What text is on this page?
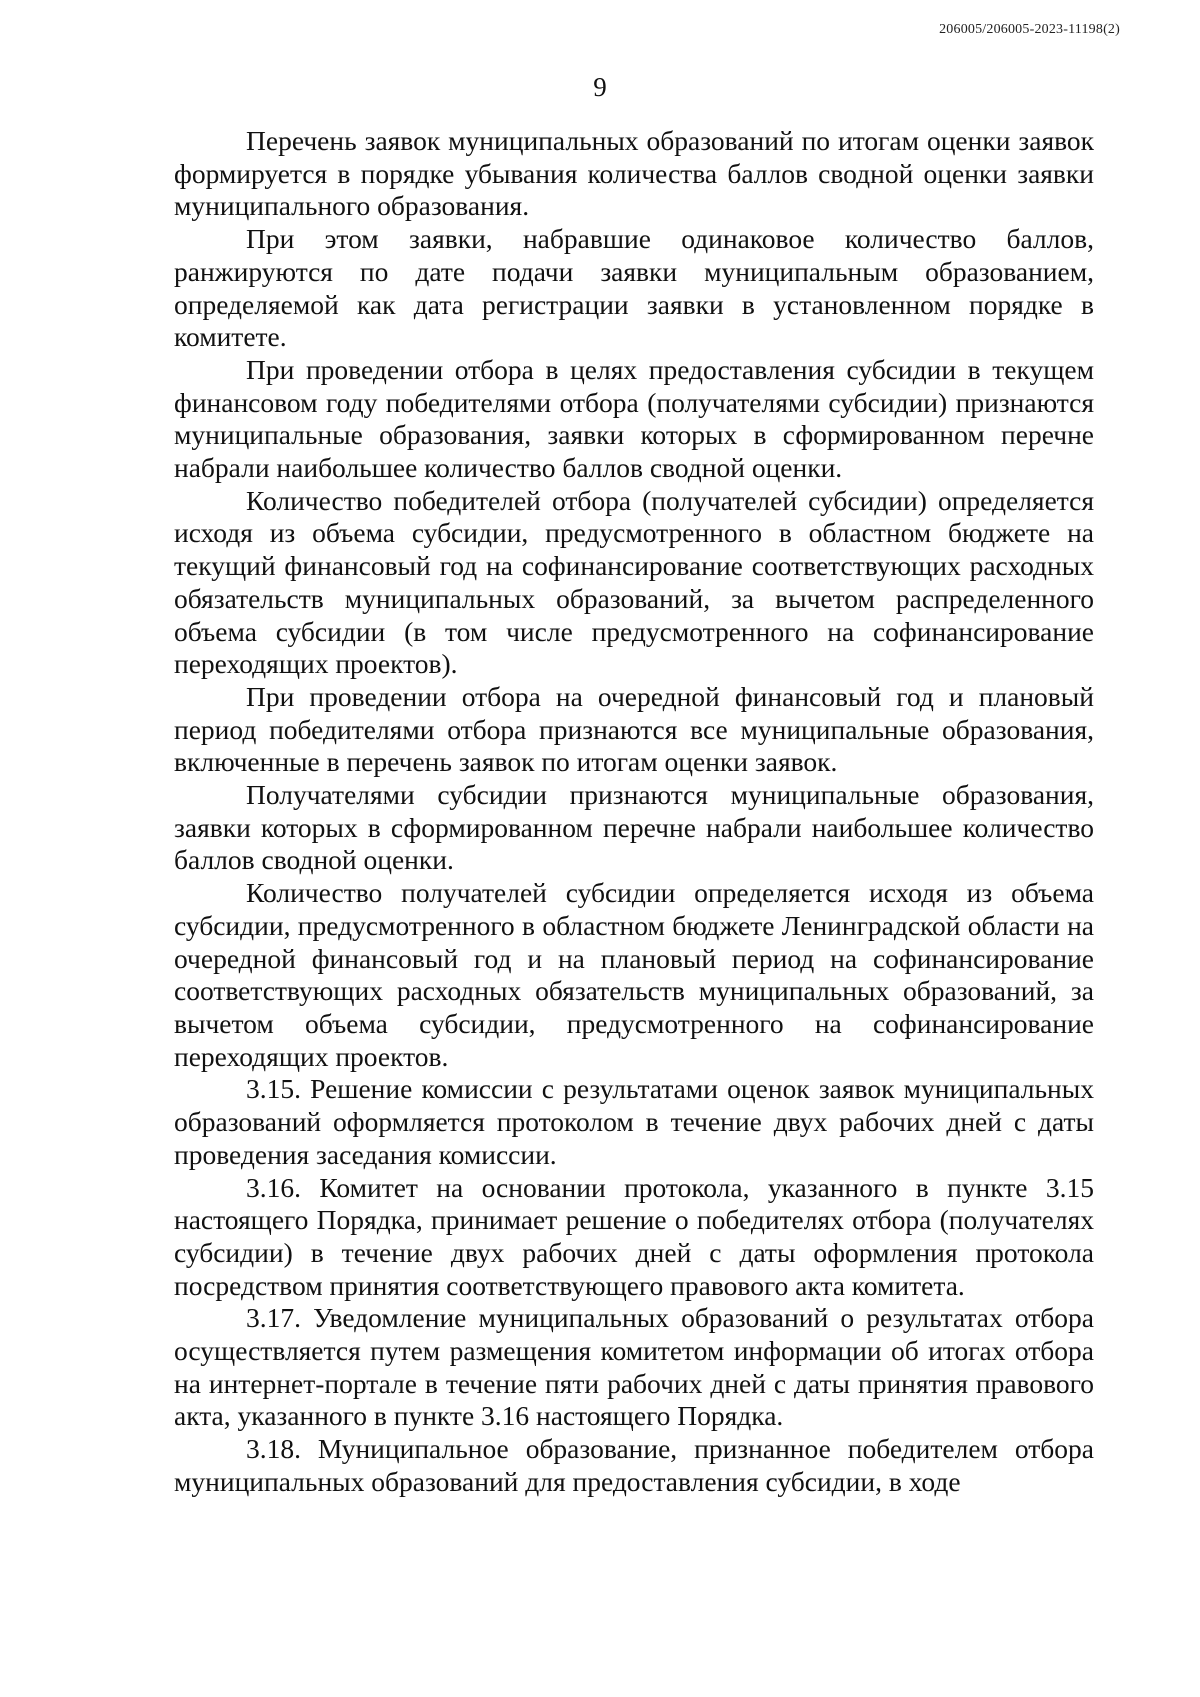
206005/206005-2023-11198(2)
9

Перечень заявок муниципальных образований по итогам оценки заявок формируется в порядке убывания количества баллов сводной оценки заявки муниципального образования.

При этом заявки, набравшие одинаковое количество баллов, ранжируются по дате подачи заявки муниципальным образованием, определяемой как дата регистрации заявки в установленном порядке в комитете.

При проведении отбора в целях предоставления субсидии в текущем финансовом году победителями отбора (получателями субсидии) признаются муниципальные образования, заявки которых в сформированном перечне набрали наибольшее количество баллов сводной оценки.

Количество победителей отбора (получателей субсидии) определяется исходя из объема субсидии, предусмотренного в областном бюджете на текущий финансовый год на софинансирование соответствующих расходных обязательств муниципальных образований, за вычетом распределенного объема субсидии (в том числе предусмотренного на софинансирование переходящих проектов).

При проведении отбора на очередной финансовый год и плановый период победителями отбора признаются все муниципальные образования, включенные в перечень заявок по итогам оценки заявок.

Получателями субсидии признаются муниципальные образования, заявки которых в сформированном перечне набрали наибольшее количество баллов сводной оценки.

Количество получателей субсидии определяется исходя из объема субсидии, предусмотренного в областном бюджете Ленинградской области на очередной финансовый год и на плановый период на софинансирование соответствующих расходных обязательств муниципальных образований, за вычетом объема субсидии, предусмотренного на софинансирование переходящих проектов.

3.15. Решение комиссии с результатами оценок заявок муниципальных образований оформляется протоколом в течение двух рабочих дней с даты проведения заседания комиссии.

3.16. Комитет на основании протокола, указанного в пункте 3.15 настоящего Порядка, принимает решение о победителях отбора (получателях субсидии) в течение двух рабочих дней с даты оформления протокола посредством принятия соответствующего правового акта комитета.

3.17. Уведомление муниципальных образований о результатах отбора осуществляется путем размещения комитетом информации об итогах отбора на интернет-портале в течение пяти рабочих дней с даты принятия правового акта, указанного в пункте 3.16 настоящего Порядка.

3.18. Муниципальное образование, признанное победителем отбора муниципальных образований для предоставления субсидии, в ходе
